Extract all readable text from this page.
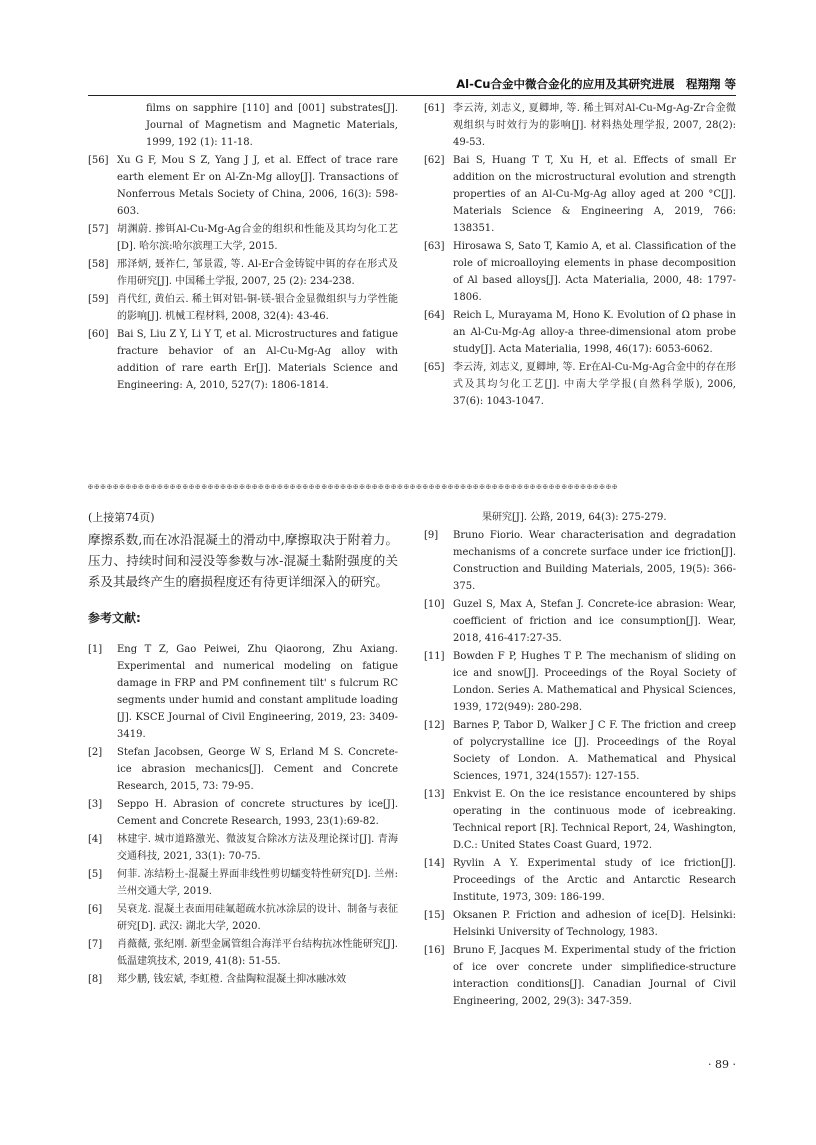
Al-Cu合金中微合金化的应用及其研究进展　程翔翔 等
films on sapphire [110] and [001] substrates[J]. Journal of Magnetism and Magnetic Materials, 1999, 192 (1): 11-18.
[56] Xu G F, Mou S Z, Yang J J, et al. Effect of trace rare earth element Er on Al-Zn-Mg alloy[J]. Transactions of Nonferrous Metals Society of China, 2006, 16(3): 598-603.
[57] 胡渊蔚. 掺铒Al-Cu-Mg-Ag合金的组织和性能及其均匀化工艺[D]. 哈尔滨:哈尔滨理工大学, 2015.
[58] 邢泽炳, 聂祚仁, 邹景霞, 等. Al-Er合金铸锭中铒的存在形式及作用研究[J]. 中国稀土学报, 2007, 25 (2): 234-238.
[59] 肖代红, 黄伯云. 稀土铒对铝-铜-镁-银合金显微组织与力学性能的影响[J]. 机械工程材料, 2008, 32(4): 43-46.
[60] Bai S, Liu Z Y, Li Y T, et al. Microstructures and fatigue fracture behavior of an Al-Cu-Mg-Ag alloy with addition of rare earth Er[J]. Materials Science and Engineering: A, 2010, 527(7): 1806-1814.
[61] 李云涛, 刘志义, 夏卿坤, 等. 稀土铒对Al-Cu-Mg-Ag-Zr合金微观组织与时效行为的影响[J]. 材料热处理学报, 2007, 28(2): 49-53.
[62] Bai S, Huang T T, Xu H, et al. Effects of small Er addition on the microstructural evolution and strength properties of an Al-Cu-Mg-Ag alloy aged at 200 °C[J]. Materials Science & Engineering A, 2019, 766: 138351.
[63] Hirosawa S, Sato T, Kamio A, et al. Classification of the role of microalloying elements in phase decomposition of Al based alloys[J]. Acta Materialia, 2000, 48: 1797-1806.
[64] Reich L, Murayama M, Hono K. Evolution of Ω phase in an Al-Cu-Mg-Ag alloy-a three-dimensional atom probe study[J]. Acta Materialia, 1998, 46(17): 6053-6062.
[65] 李云涛, 刘志义, 夏卿坤, 等. Er在Al-Cu-Mg-Ag合金中的存在形式及其均匀化工艺[J]. 中南大学学报(自然科学版), 2006, 37(6): 1043-1047.
✠✠✠✠✠✠✠✠✠✠✠✠✠✠✠✠✠✠✠✠✠✠✠✠✠✠✠✠✠✠✠✠✠✠✠✠✠✠✠✠✠✠✠✠✠✠✠✠✠✠✠✠✠✠✠✠✠✠✠✠✠✠✠✠✠✠✠✠✠✠✠✠✠✠✠✠✠✠✠✠✠✠✠✠
(上接第74页)

摩擦系数,而在冰沿混凝土的滑动中,摩擦取决于附着力。压力、持续时间和浸没等参数与冰-混凝土黏附强度的关系及其最终产生的磨损程度还有待更详细深入的研究。

参考文献:
[1]	Eng T Z, Gao Peiwei, Zhu Qiaorong, Zhu Axiang. Experimental and numerical modeling on fatigue damage in FRP and PM confinement tilt' s fulcrum RC segments under humid and constant amplitude loading [J]. KSCE Journal of Civil Engineering, 2019, 23: 3409-3419.
[2]	Stefan Jacobsen, George W S, Erland M S. Concrete-ice abrasion mechanics[J]. Cement and Concrete Research, 2015, 73: 79-95.
[3]	Seppo H. Abrasion of concrete structures by ice[J]. Cement and Concrete Research, 1993, 23(1):69-82.
[4]	林建宇. 城市道路激光、微波复合除冰方法及理论探讨[J]. 青海交通科技, 2021, 33(1): 70-75.
[5]	何菲. 冻结粉土-混凝土界面非线性剪切蠕变特性研究[D]. 兰州: 兰州交通大学, 2019.
[6]	吴衰龙. 混凝土表面用硅氟超疏水抗冰涂层的设计、制备与表征研究[D]. 武汉: 湖北大学, 2020.
[7]	肖薇薇, 张纪刚. 新型金属管组合海洋平台结构抗冰性能研究[J]. 低温建筑技术, 2019, 41(8): 51-55.
[8]	郑少鹏, 钱宏斌, 李虹橙. 含盐陶粒混凝土抑冰融冰效
果研究[J]. 公路, 2019, 64(3): 275-279.
[9]	Bruno Fiorio. Wear characterisation and degradation mechanisms of a concrete surface under ice friction[J]. Construction and Building Materials, 2005, 19(5): 366-375.
[10] Guzel S, Max A, Stefan J. Concrete-ice abrasion: Wear, coefficient of friction and ice consumption[J]. Wear, 2018, 416-417:27-35.
[11] Bowden F P, Hughes T P. The mechanism of sliding on ice and snow[J]. Proceedings of the Royal Society of London. Series A. Mathematical and Physical Sciences, 1939, 172(949): 280-298.
[12] Barnes P, Tabor D, Walker J C F. The friction and creep of polycrystalline ice [J]. Proceedings of the Royal Society of London. A. Mathematical and Physical Sciences, 1971, 324(1557): 127-155.
[13] Enkvist E. On the ice resistance encountered by ships operating in the continuous mode of icebreaking. Technical report [R]. Technical Report, 24, Washington, D.C.: United States Coast Guard, 1972.
[14] Ryvlin A Y. Experimental study of ice friction[J]. Proceedings of the Arctic and Antarctic Research Institute, 1973, 309: 186-199.
[15] Oksanen P. Friction and adhesion of ice[D]. Helsinki: Helsinki University of Technology, 1983.
[16] Bruno F, Jacques M. Experimental study of the friction of ice over concrete under simplifiedice-structure interaction conditions[J]. Canadian Journal of Civil Engineering, 2002, 29(3): 347-359.
· 89 ·
